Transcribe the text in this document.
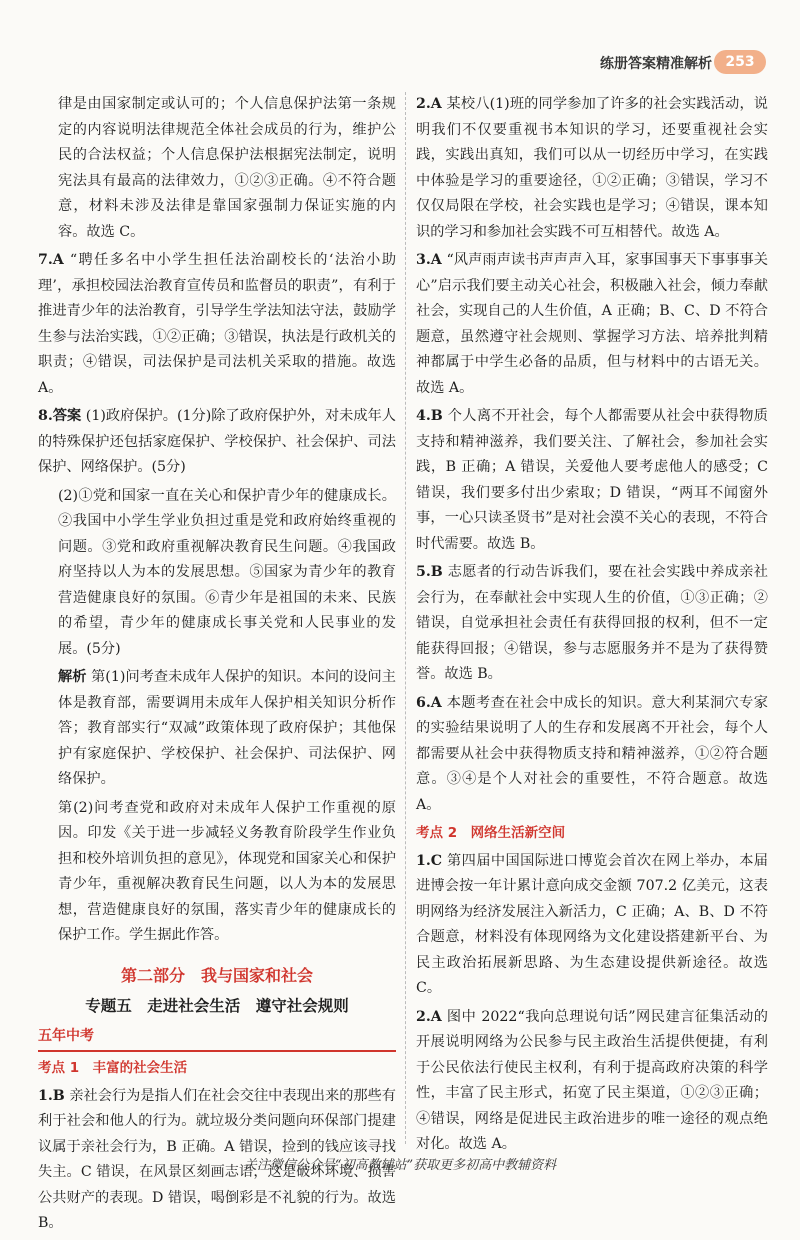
练册答案精准解析 253

律是由国家制定或认可的；个人信息保护法第一条规定的内容说明法律规范全体社会成员的行为，维护公民的合法权益；个人信息保护法根据宪法制定，说明宪法具有最高的法律效力，①②③正确。④不符合题意，材料未涉及法律是靠国家强制力保证实施的内容。故选 C。

7.A “聘任多名中小学生担任法治副校长的‘法治小助理’，承担校园法治教育宣传员和监督员的职责”，有利于推进青少年的法治教育，引导学生学法知法守法，鼓励学生参与法治实践，①②正确；③错误，执法是行政机关的职责；④错误，司法保护是司法机关采取的措施。故选 A。

8.答案 (1)政府保护。(1分)除了政府保护外，对未成年人的特殊保护还包括家庭保护、学校保护、社会保护、司法保护、网络保护。(5分)

(2)①党和国家一直在关心和保护青少年的健康成长。②我国中小学生学业负担过重是党和政府始终重视的问题。③党和政府重视解决教育民生问题。④我国政府坚持以人为本的发展思想。⑤国家为青少年的教育营造健康良好的氛围。⑥青少年是祖国的未来、民族的希望，青少年的健康成长事关党和人民事业的发展。(5分)

解析 第(1)问考查未成年人保护的知识。本问的设问主体是教育部，需要调用未成年人保护相关知识分析作答；教育部实行“双减”政策体现了政府保护；其他保护有家庭保护、学校保护、社会保护、司法保护、网络保护。

第(2)问考查党和政府对未成年人保护工作重视的原因。印发《关于进一步减轻义务教育阶段学生作业负担和校外培训负担的意见》，体现党和国家关心和保护青少年，重视解决教育民生问题，以人为本的发展思想，营造健康良好的氛围，落实青少年的健康成长的保护工作。学生据此作答。

第二部分　我与国家和社会
专题五　走进社会生活　遵守社会规则
五年中考
考点 1　丰富的社会生活

1.B 亲社会行为是指人们在社会交往中表现出来的那些有利于社会和他人的行为。就垃圾分类问题向环保部门提建议属于亲社会行为，B 正确。A 错误，捡到的钱应该寻找失主。C 错误，在风景区刻画志语，这是破坏环境、损害公共财产的表现。D 错误，喝倒彩是不礼貌的行为。故选 B。

2.A 某校八(1)班的同学参加了许多的社会实践活动，说明我们不仅要重视书本知识的学习，还要重视社会实践，实践出真知，我们可以从一切经历中学习，在实践中体验是学习的重要途径，①②正确；③错误，学习不仅仅局限在学校，社会实践也是学习；④错误，课本知识的学习和参加社会实践不可互相替代。故选 A。

3.A “风声雨声读书声声声入耳，家事国事天下事事事关心”启示我们要主动关心社会，积极融入社会，倾力奉献社会，实现自己的人生价值，A 正确；B、C、D 不符合题意，虽然遵守社会规则、掌握学习方法、培养批判精神都属于中学生必备的品质，但与材料中的古语无关。故选 A。

4.B 个人离不开社会，每个人都需要从社会中获得物质支持和精神滋养，我们要关注、了解社会，参加社会实践，B 正确；A 错误，关爱他人要考虑他人的感受；C 错误，我们要多付出少索取；D 错误，“两耳不闻窗外事，一心只读圣贤书”是对社会漠不关心的表现，不符合时代需要。故选 B。

5.B 志愿者的行动告诉我们，要在社会实践中养成亲社会行为，在奉献社会中实现人生的价值，①③正确；②错误，自觉承担社会责任有获得回报的权利，但不一定能获得回报；④错误，参与志愿服务并不是为了获得赞誉。故选 B。

6.A 本题考查在社会中成长的知识。意大利某洞穴专家的实验结果说明了人的生存和发展离不开社会，每个人都需要从社会中获得物质支持和精神滋养，①②符合题意。③④是个人对社会的重要性，不符合题意。故选 A。

考点 2　网络生活新空间

1.C 第四届中国国际进口博览会首次在网上举办，本届进博会按一年计累计意向成交金额 707.2 亿美元，这表明网络为经济发展注入新活力，C 正确；A、B、D 不符合题意，材料没有体现网络为文化建设搭建新平台、为民主政治拓展新思路、为生态建设提供新途径。故选 C。

2.A 图中 2022“我向总理说句话”网民建言征集活动的开展说明网络为公民参与民主政治生活提供便捷，有利于公民依法行使民主权利，有利于提高政府决策的科学性，丰富了民主形式，拓宽了民主渠道，①②③正确；④错误，网络是促进民主政治进步的唯一途径的观点绝对化。故选 A。

关注微信公众号“初高教辅站”获取更多初高中教辅资料
